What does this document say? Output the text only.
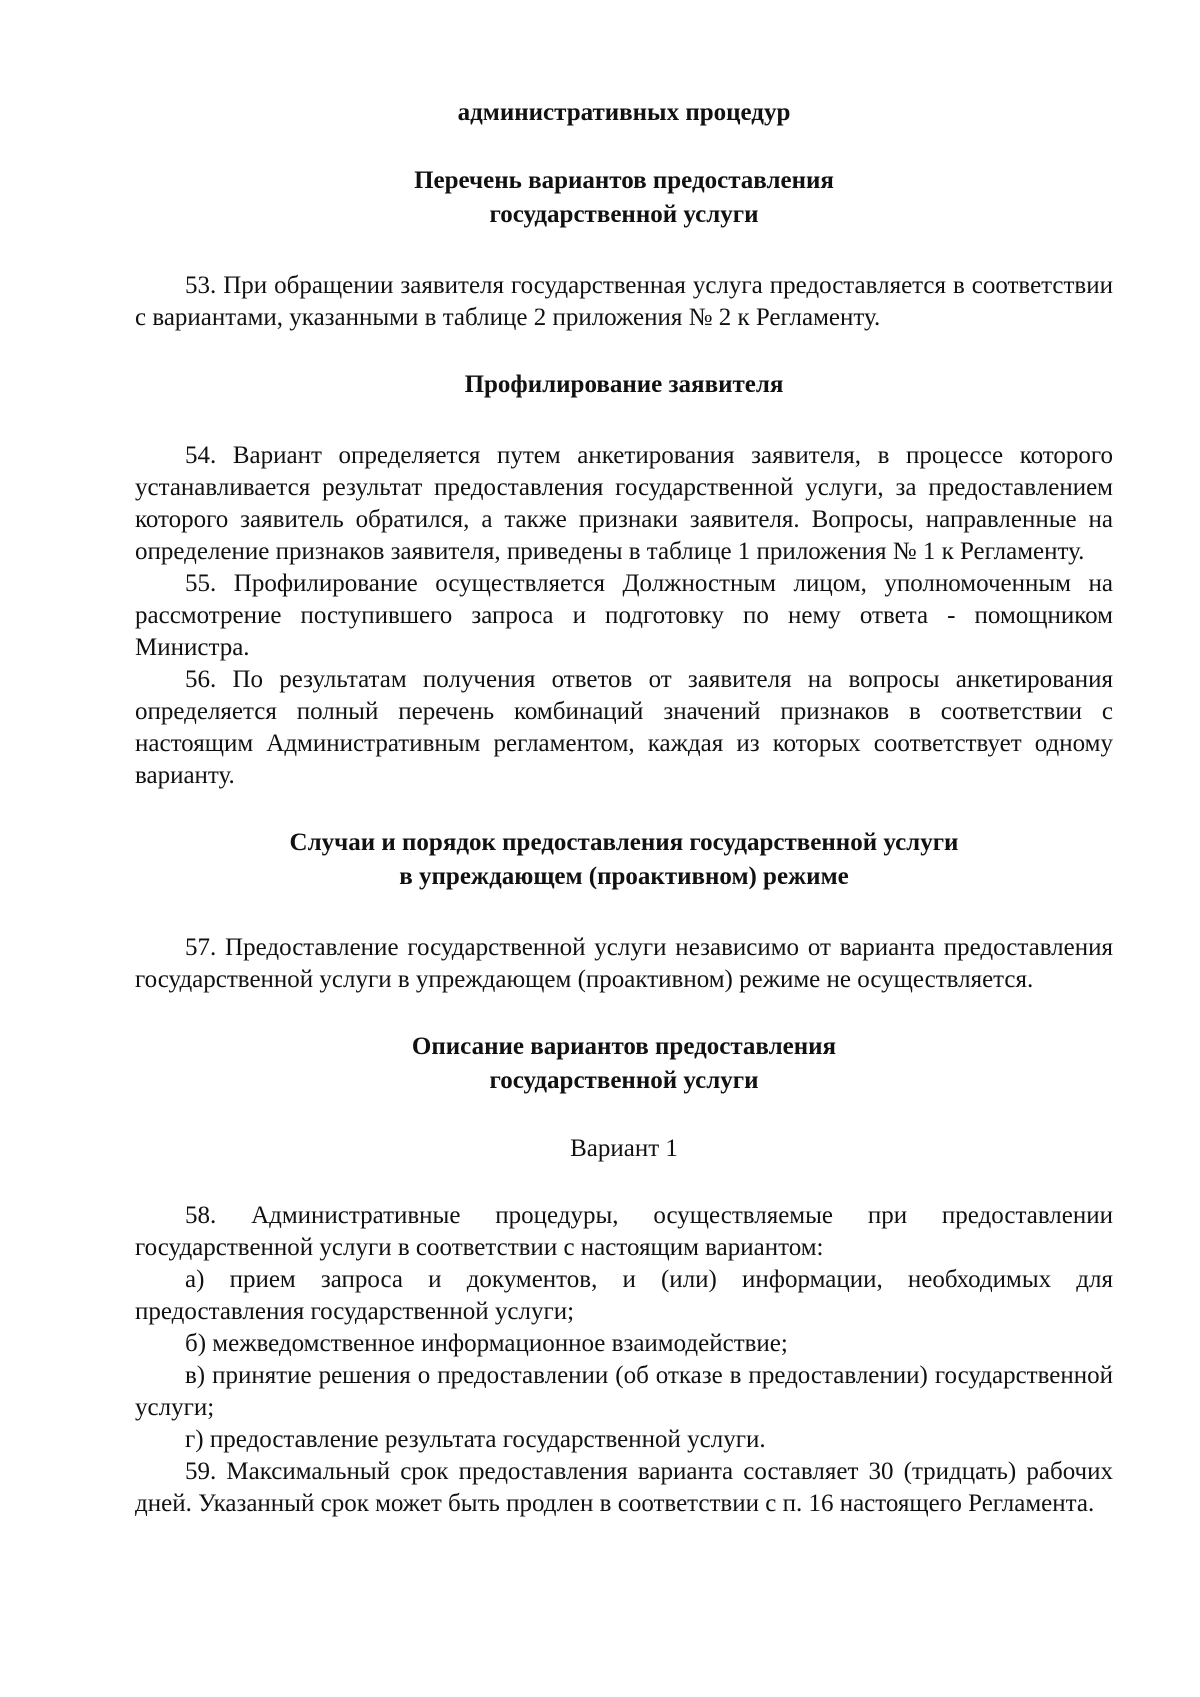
административных процедур

Перечень вариантов предоставления

государственной услуги

53. При обращении заявителя государственная услуга предоставляется в соответствии с вариантами, указанными в таблице 2 приложения № 2 к Регламенту.

Профилирование заявителя

54. Вариант определяется путем анкетирования заявителя, в процессе которого устанавливается результат предоставления государственной услуги, за предоставлением которого заявитель обратился, а также признаки заявителя. Вопросы, направленные на определение признаков заявителя, приведены в таблице 1 приложения № 1 к Регламенту.

55. Профилирование осуществляется Должностным лицом, уполномоченным на рассмотрение поступившего запроса и подготовку по нему ответа - помощником Министра.

56. По результатам получения ответов от заявителя на вопросы анкетирования определяется полный перечень комбинаций значений признаков в соответствии с настоящим Административным регламентом, каждая из которых соответствует одному варианту.

Случаи и порядок предоставления государственной услуги

в упреждающем (проактивном) режиме

57. Предоставление государственной услуги независимо от варианта предоставления государственной услуги в упреждающем (проактивном) режиме не осуществляется.

Описание вариантов предоставления

государственной услуги

Вариант 1

58. Административные процедуры, осуществляемые при предоставлении государственной услуги в соответствии с настоящим вариантом:

а) прием запроса и документов, и (или) информации, необходимых для предоставления государственной услуги;

б) межведомственное информационное взаимодействие;

в) принятие решения о предоставлении (об отказе в предоставлении) государственной услуги;

г) предоставление результата государственной услуги.

59. Максимальный срок предоставления варианта составляет 30 (тридцать) рабочих дней. Указанный срок может быть продлен в соответствии с п. 16 настоящего Регламента.
